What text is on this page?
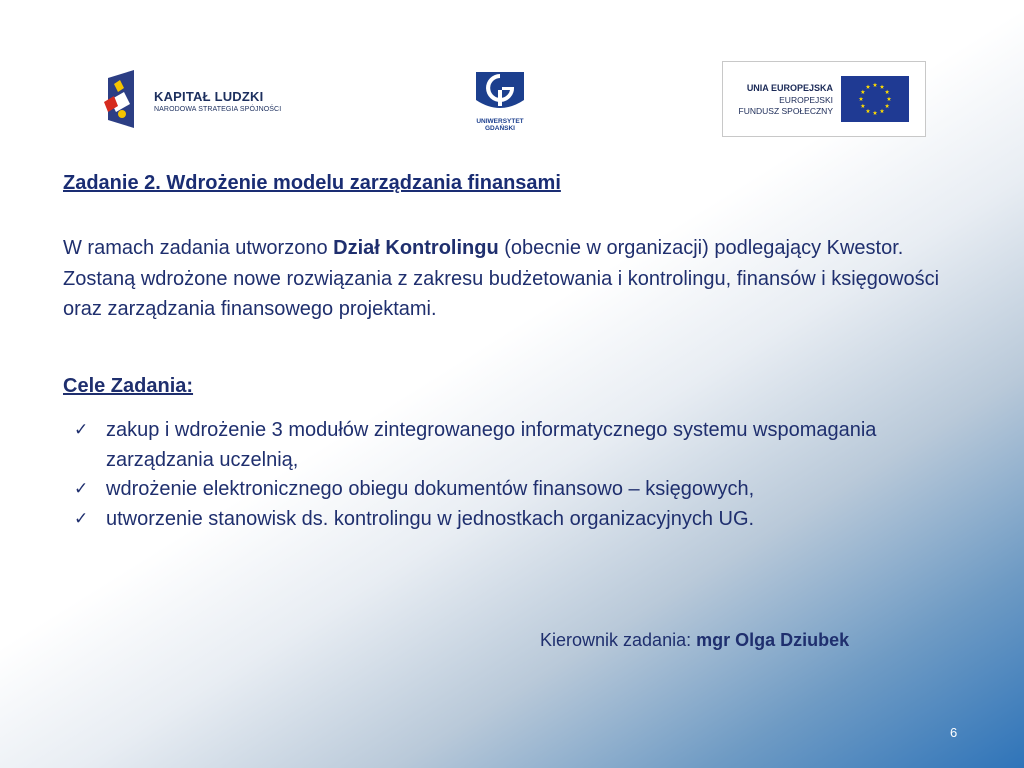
KAPITAŁ LUDZKI
NARODOWA STRATEGIA SPÓJNOŚCI
UNIWERSYTET GDAŃSKI
UNIA EUROPEJSKA
EUROPEJSKI
FUNDUSZ SPOŁECZNY
Zadanie 2. Wdrożenie modelu zarządzania finansami

W ramach zadania utworzono Dział Kontrolingu (obecnie w organizacji) podlegający Kwestor. Zostaną wdrożone nowe rozwiązania z zakresu budżetowania i kontrolingu, finansów i księgowości oraz zarządzania finansowego projektami.

Cele Zadania:
✓ zakup i wdrożenie 3 modułów zintegrowanego informatycznego systemu wspomagania zarządzania uczelnią,
✓ wdrożenie elektronicznego obiegu dokumentów finansowo – księgowych,
✓ utworzenie stanowisk ds. kontrolingu w jednostkach organizacyjnych UG.
Kierownik zadania: mgr Olga Dziubek
6
